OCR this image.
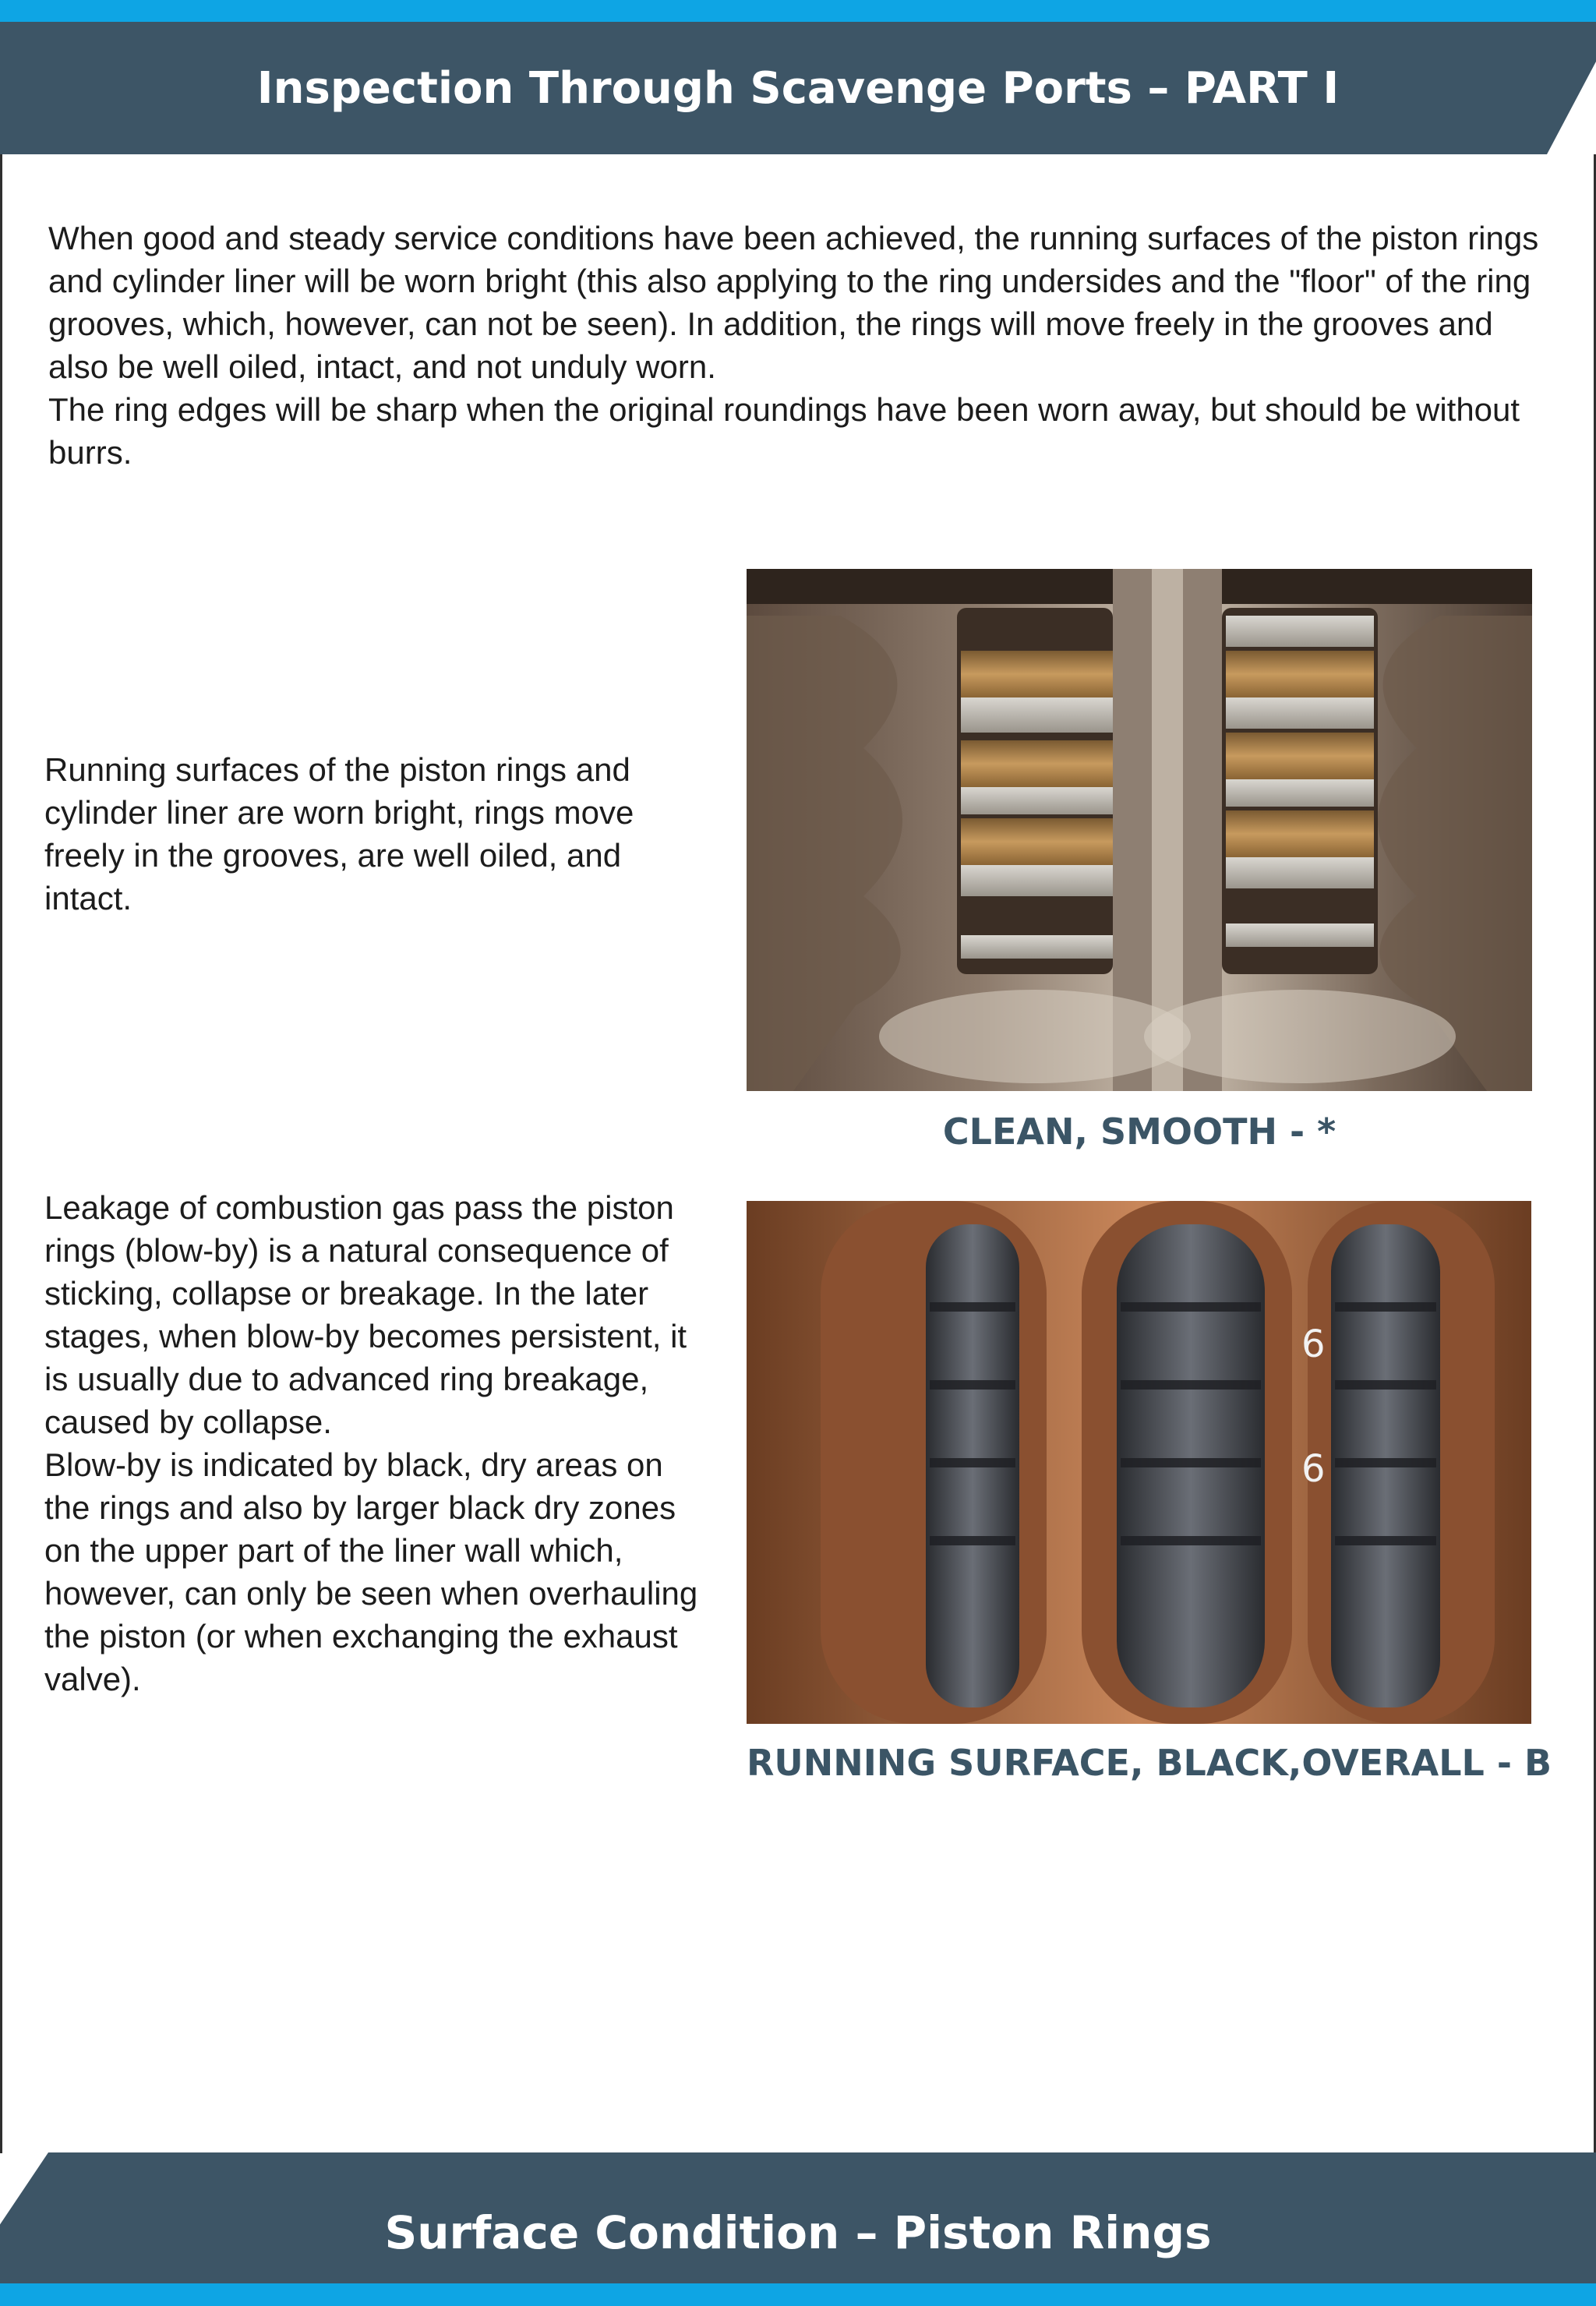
Inspection Through Scavenge Ports – PART I

When good and steady service conditions have been achieved, the running surfaces of the piston rings and cylinder liner will be worn bright (this also applying to the ring undersides and the "floor" of the ring grooves, which, however, can not be seen). In addition, the rings will move freely in the grooves and also be well oiled, intact, and not unduly worn.
The ring edges will be sharp when the original roundings have been worn away, but should be without burrs.

Running surfaces of the piston rings and cylinder liner are worn bright, rings move freely in the grooves, are well oiled, and intact.

CLEAN, SMOOTH - *

Leakage of combustion gas pass the piston rings (blow-by) is a natural consequence of sticking, collapse or breakage. In the later stages, when blow-by becomes persistent, it is usually due to advanced ring breakage, caused by collapse.
Blow-by is indicated by black, dry areas on the rings and also by larger black dry zones on the upper part of the liner wall which, however, can only be seen when overhauling the piston (or when exchanging the exhaust valve).

6
6
RUNNING SURFACE, BLACK,OVERALL - B
Surface Condition – Piston Rings
